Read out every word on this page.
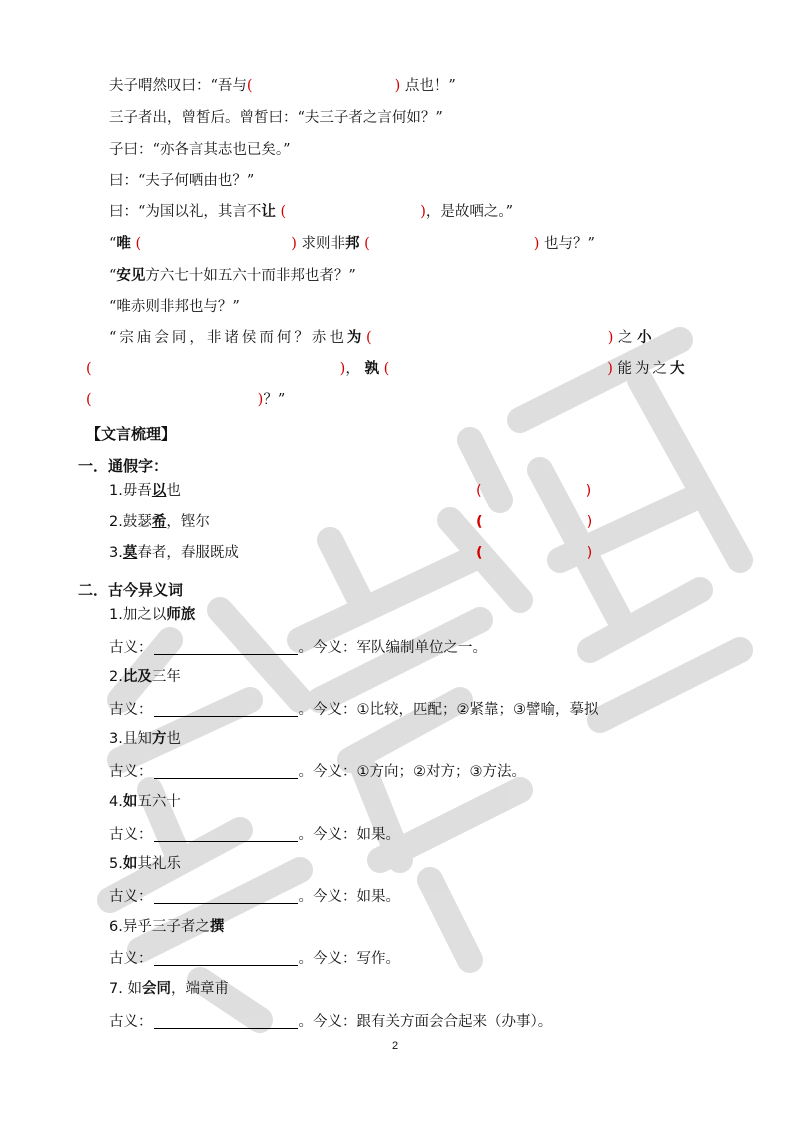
夫子喟然叹曰：“吾与(	) 点也！”
三子者出，曾皙后。曾皙曰：“夫三子者之言何如？”
子曰：“亦各言其志也已矣。”
曰：“夫子何哂由也？”
曰：“为国以礼，其言不让 (	)，是故哂之。”
“唯 (	) 求则非邦 (	) 也与？”
“安见方六七十如五六十而非邦也者？”
“唯赤则非邦也与？”
“宗庙会同，非诸侯而何？赤也为 (	) 之 小
(	)， 孰 (	) 能为之大
(	)？”
【文言梳理】
一．通假字：
1.毋吾以也	(	)
2.鼓瑟希，铿尔	(	)
3.莫春者，春服既成	(	)
二．古今异义词
1.加之以师旅
古义：	。今义：军队编制单位之一。
2.比及三年
古义：	。今义：①比较，匹配；②紧靠；③譬喻，摹拟
3.且知方也
古义：	。今义：①方向；②对方；③方法。
4.如五六十
古义：	。今义：如果。
5.如其礼乐
古义：	。今义：如果。
6.异乎三子者之撰
古义：	。今义：写作。
7. 如会同，端章甫
古义：	。今义：跟有关方面会合起来（办事）。
2
